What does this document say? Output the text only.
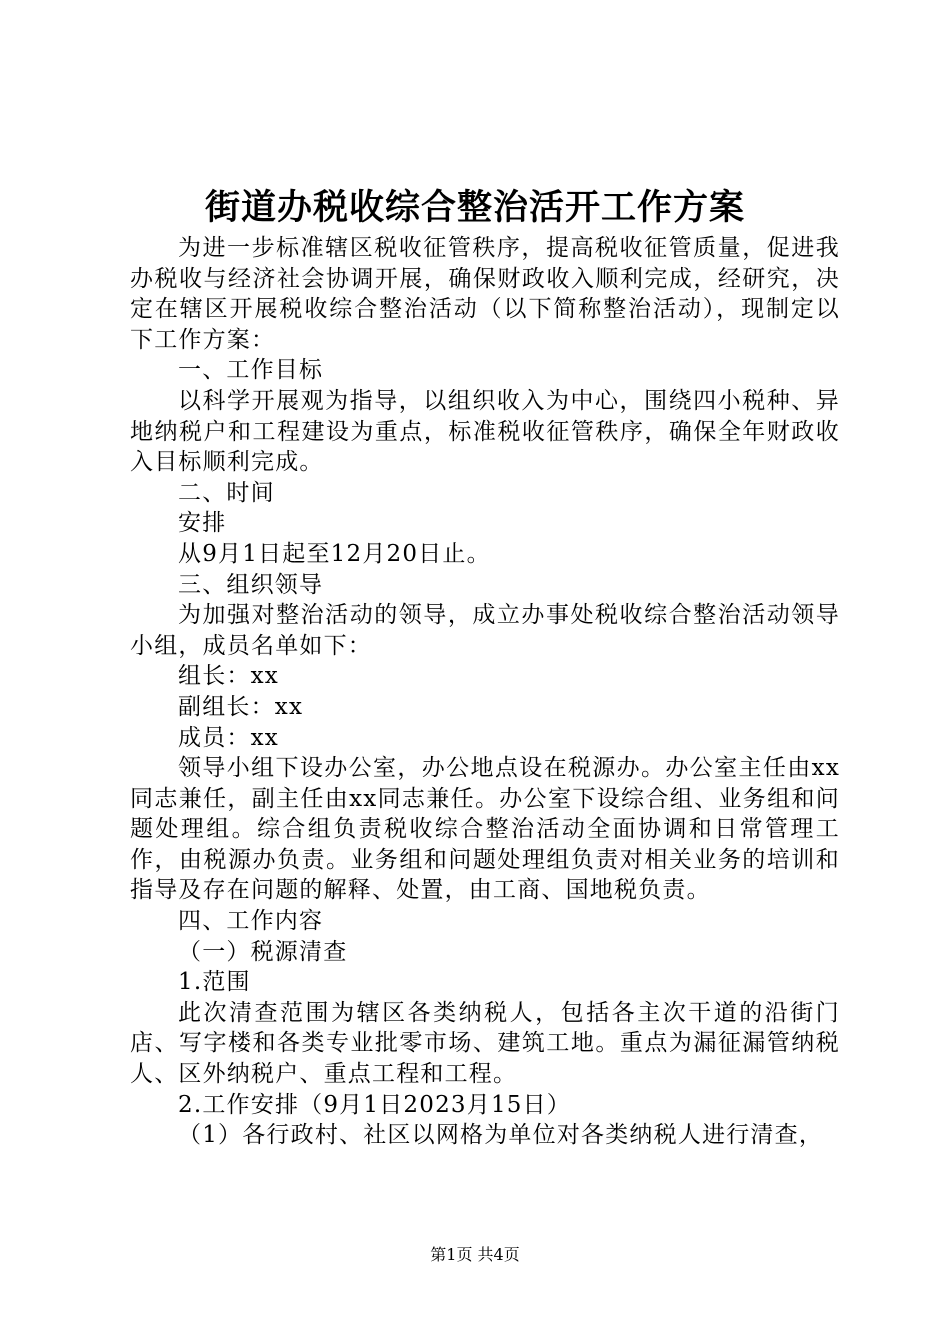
街道办税收综合整治活开工作方案

为进一步标准辖区税收征管秩序，提高税收征管质量，促进我办税收与经济社会协调开展，确保财政收入顺利完成，经研究，决定在辖区开展税收综合整治活动（以下简称整治活动），现制定以下工作方案：

一、工作目标

以科学开展观为指导，以组织收入为中心，围绕四小税种、异地纳税户和工程建设为重点，标准税收征管秩序，确保全年财政收入目标顺利完成。

二、时间

安排

从9月1日起至12月20日止。

三、组织领导

为加强对整治活动的领导，成立办事处税收综合整治活动领导小组，成员名单如下：

组长：xx

副组长：xx

成员：xx

领导小组下设办公室，办公地点设在税源办。办公室主任由xx同志兼任，副主任由xx同志兼任。办公室下设综合组、业务组和问题处理组。综合组负责税收综合整治活动全面协调和日常管理工作，由税源办负责。业务组和问题处理组负责对相关业务的培训和指导及存在问题的解释、处置，由工商、国地税负责。

四、工作内容

（一）税源清查

1.范围

此次清查范围为辖区各类纳税人，包括各主次干道的沿街门店、写字楼和各类专业批零市场、建筑工地。重点为漏征漏管纳税人、区外纳税户、重点工程和工程。

2.工作安排（9月1日2023月15日）

（1）各行政村、社区以网格为单位对各类纳税人进行清查，

第1页 共4页
